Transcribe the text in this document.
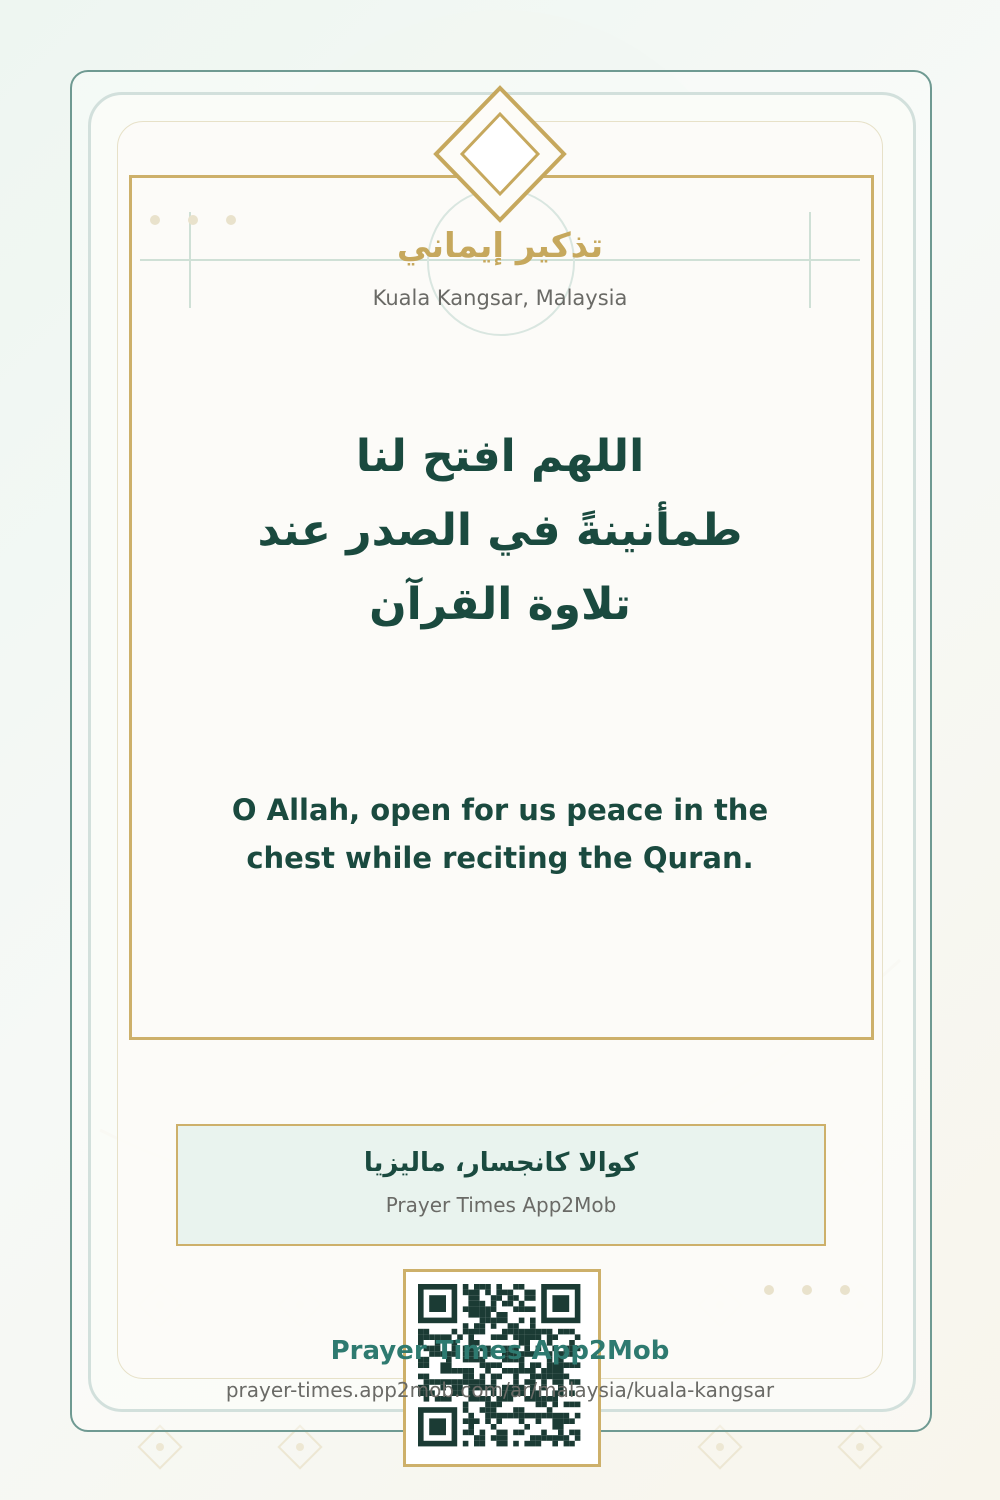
تذكير إيماني
Kuala Kangsar, Malaysia
اللهم افتح لنا
طمأنينةً في الصدر عند
تلاوة القرآن
O Allah, open for us peace in the
chest while reciting the Quran.
كوالا كانجسار، ماليزيا
Prayer Times App2Mob
Prayer Times App2Mob
prayer-times.app2mob.com/ar/malaysia/kuala-kangsar
